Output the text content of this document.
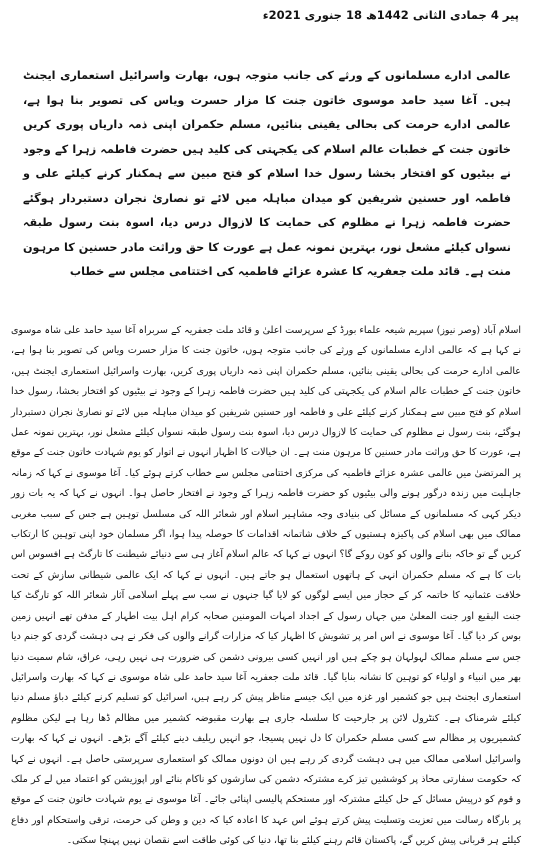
پیر 4 جمادی الثانی 1442ھ 18 جنوری 2021ء
عالمی ادارے مسلمانوں کے ورثے کی جانب متوجہ ہوں، بھارت واسرائیل استعماری ایجنٹ ہیں۔ آغا سید حامد موسوی خاتون جنت کا مزار حسرت ویاس کی تصویر بنا ہوا ہے، عالمی ادارے حرمت کی بحالی یقینی بنائیں، مسلم حکمران اپنی ذمہ داریاں پوری کریں خاتون جنت کے خطبات عالم اسلام کی یکجہتی کی کلید ہیں حضرت فاطمہ زہرا کے وجود نے بیٹیوں کو افتخار بخشا رسول خدا اسلام کو فتح مبین سے ہمکنار کرنے کیلئے علی و فاطمہ اور حسنین شریفین کو میدان مباہلہ میں لائے تو نصاریٰ نجران دستبردار ہوگئے حضرت فاطمہ زہرا نے مظلوم کی حمایت کا لازوال درس دیا، اسوہ بنت رسول طبقہ نسواں کیلئے مشعل نور، بہترین نمونہ عمل ہے عورت کا حق وراثت مادر حسنین کا مرہون منت ہے۔ قائد ملت جعفریہ کا عشرہ عزائے فاطمیہ کی اختتامی مجلس سے خطاب
اسلام آباد (وصر نیوز) سپریم شیعہ علماء بورڈ کے سرپرست اعلیٰ و قائد ملت جعفریہ کے سربراہ آغا سید حامد علی شاہ موسوی نے کہا ہے کہ عالمی ادارے مسلمانوں کے ورثے کی جانب متوجہ ہوں، خاتون جنت کا مزار حسرت ویاس کی تصویر بنا ہوا ہے، عالمی ادارے حرمت کی بحالی یقینی بنائیں، مسلم حکمران اپنی ذمہ داریاں پوری کریں، بھارت واسرائیل استعماری ایجنٹ ہیں، خاتون جنت کے خطبات عالم اسلام کی یکجہتی کی کلید ہیں حضرت فاطمہ زہرا کے وجود نے بیٹیوں کو افتخار بخشا، رسول خدا اسلام کو فتح مبین سے ہمکنار کرنے کیلئے علی و فاطمہ اور حسنین شریفین کو میدان مباہلہ میں لائے تو نصاریٰ نجران دستبردار ہوگئے، بنت رسول نے مظلوم کی حمایت کا لازوال درس دیا، اسوہ بنت رسول طبقہ نسواں کیلئے مشعل نور، بہترین نمونہ عمل ہے، عورت کا حق وراثت مادر حسنین کا مرہون منت ہے۔ ان خیالات کا اظہار انہوں نے اتوار کو یوم شہادت خاتون جنت کے موقع پر المرتضیٰ میں عالمی عشرہ عزائے فاطمیہ کی مرکزی اختتامی مجلس سے خطاب کرتے ہوئے کیا۔ آغا موسوی نے کہا کہ زمانہ جاہلیت میں زندہ درگور ہونے والی بیٹیوں کو حضرت فاطمہ زہرا کے وجود نے افتخار حاصل ہوا۔ انہوں نے کہا کہ یہ بات زور دیکر کہی کہ مسلمانوں کے مسائل کی بنیادی وجہ مشاہیر اسلام اور شعائر اللہ کی مسلسل توہین ہے جس کے سبب مغربی ممالک میں بھی اسلام کی پاکیزہ ہستیوں کے خلاف شاتمانہ اقدامات کا حوصلہ پیدا ہوا، اگر مسلمان خود اپنی توہین کا ارتکاب کریں گے تو خاکہ بنانے والوں کو کون روکے گا؟ انہوں نے کہا کہ عالم اسلام آغاز ہی سے دنیائے شیطنت کا تارگٹ ہے افسوس اس بات کا ہے کہ مسلم حکمران انہی کے ہاتھوں استعمال ہو جاتے ہیں۔ انہوں نے کہا کہ ایک عالمی شیطانی سازش کے تحت خلافت عثمانیہ کا خاتمہ کر کے حجاز میں ایسے لوگوں کو لایا گیا جنہوں نے سب سے پہلے اسلامی آثار شعائر اللہ کو تارگٹ کیا جنت البقیع اور جنت المعلیٰ میں جہاں رسول کے اجداد امہات المومنین صحابہ کرام اہل بیت اطہار کے مدفن تھے انہیں زمین بوس کر دیا گیا۔ آغا موسوی نے اس امر پر تشویش کا اظہار کیا کہ مزارات گرانے والوں کی فکر نے ہی دہشت گردی کو جنم دیا جس سے مسلم ممالک لہولہان ہو چکے ہیں اور انہیں کسی بیرونی دشمن کی ضرورت ہی نہیں رہی، عراق، شام سمیت دنیا بھر میں انبیاء و اولیاء کو توہین کا نشانہ بنایا گیا۔ قائد ملت جعفریہ آغا سید حامد علی شاہ موسوی نے کہا کہ بھارت واسرائیل استعماری ایجنٹ ہیں جو کشمیر اور غزہ میں ایک جیسے مناظر پیش کر رہے ہیں، اسرائیل کو تسلیم کرنے کیلئے دباؤ مسلم دنیا کیلئے شرمناک ہے۔ کنٹرول لائن پر جارحیت کا سلسلہ جاری ہے بھارت مقبوضہ کشمیر میں مظالم ڈھا رہا ہے لیکن مظلوم کشمیریوں پر مظالم سے کسی مسلم حکمران کا دل نہیں پسیجا، جو انہیں ریلیف دینے کیلئے آگے بڑھے۔ انہوں نے کہا کہ بھارت واسرائیل اسلامی ممالک میں ہی دہشت گردی کر رہے ہیں ان دونوں ممالک کو استعماری سرپرستی حاصل ہے۔ انہوں نے کہا کہ حکومت سفارتی محاذ پر کوششیں تیز کرے مشترکہ دشمن کی سازشوں کو ناکام بنائے اور اپوزیشن کو اعتماد میں لے کر ملک و قوم کو درپیش مسائل کے حل کیلئے مشترکہ اور مستحکم پالیسی اپنائی جائے۔ آغا موسوی نے یوم شہادت خاتون جنت کے موقع پر بارگاہ رسالت میں تعزیت وتسلیت پیش کرتے ہوئے اس عہد کا اعادہ کیا کہ دین و وطن کی حرمت، ترقی واستحکام اور دفاع کیلئے ہر قربانی پیش کریں گے، پاکستان قائم رہنے کیلئے بنا تھا، دنیا کی کوئی طاقت اسے نقصان نہیں پہنچا سکتی۔
